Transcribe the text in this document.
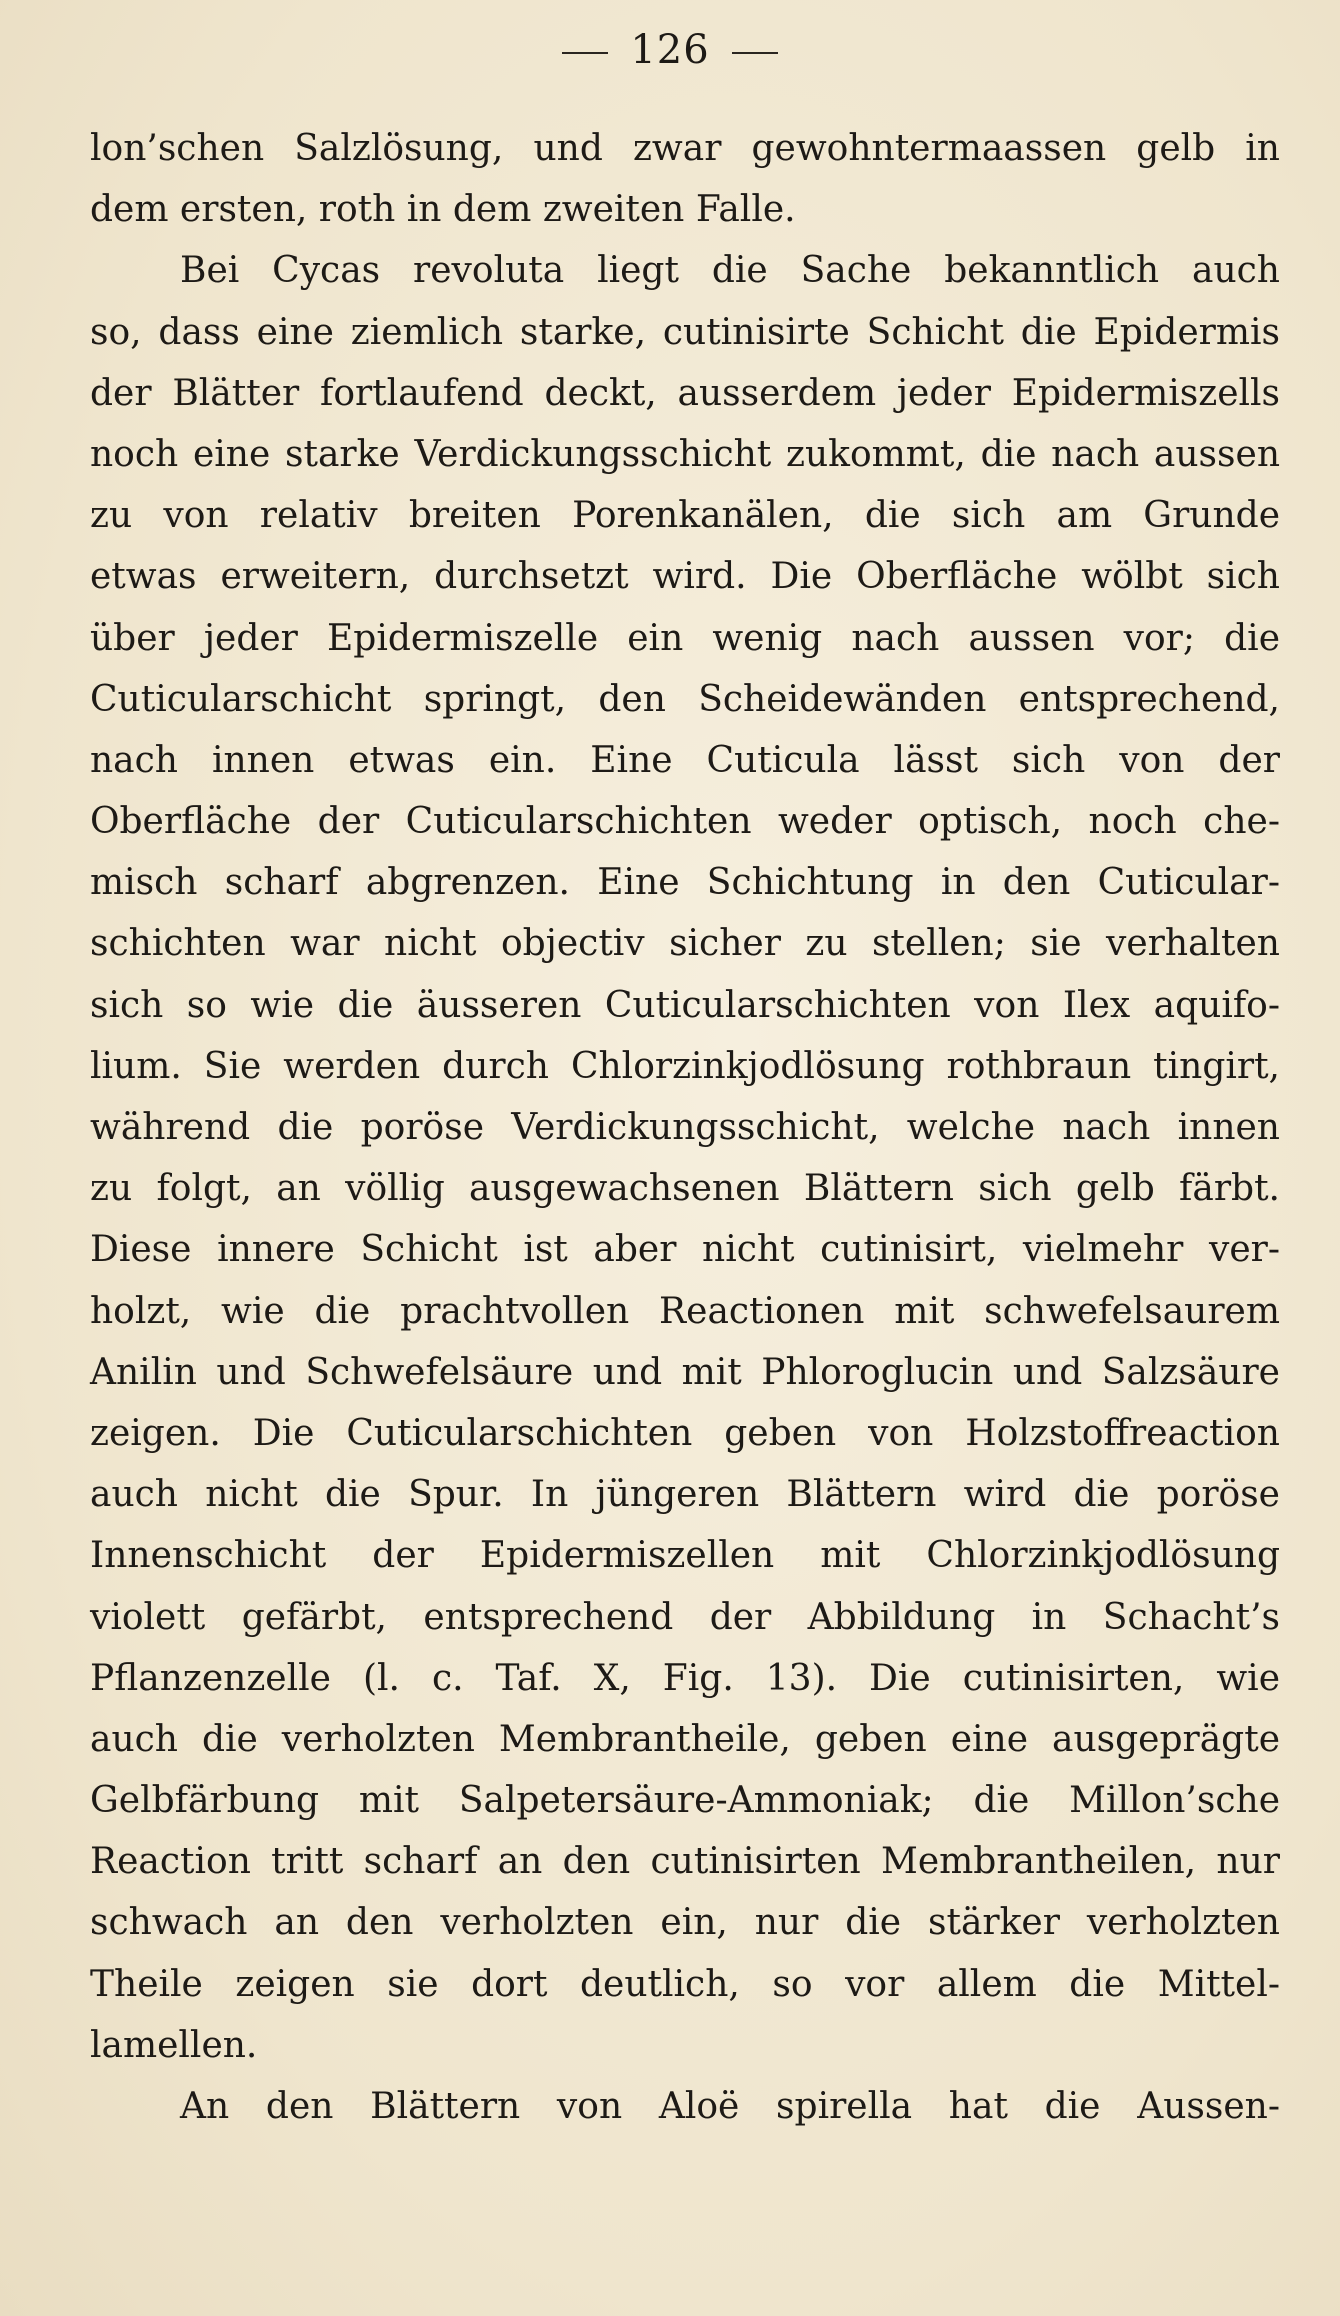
126
lon’schen Salzlösung, und zwar gewohntermaassen gelb in
dem ersten, roth in dem zweiten Falle.
Bei Cycas revoluta liegt die Sache bekanntlich auch
so, dass eine ziemlich starke, cutinisirte Schicht die Epidermis
der Blätter fortlaufend deckt, ausserdem jeder Epidermiszells
noch eine starke Verdickungsschicht zukommt, die nach aussen
zu von relativ breiten Porenkanälen, die sich am Grunde
etwas erweitern, durchsetzt wird. Die Oberfläche wölbt sich
über jeder Epidermiszelle ein wenig nach aussen vor; die
Cuticularschicht springt, den Scheidewänden entsprechend,
nach innen etwas ein. Eine Cuticula lässt sich von der
Oberfläche der Cuticularschichten weder optisch, noch che-
misch scharf abgrenzen. Eine Schichtung in den Cuticular-
schichten war nicht objectiv sicher zu stellen; sie verhalten
sich so wie die äusseren Cuticularschichten von Ilex aquifo-
lium. Sie werden durch Chlorzinkjodlösung rothbraun tingirt,
während die poröse Verdickungsschicht, welche nach innen
zu folgt, an völlig ausgewachsenen Blättern sich gelb färbt.
Diese innere Schicht ist aber nicht cutinisirt, vielmehr ver-
holzt, wie die prachtvollen Reactionen mit schwefelsaurem
Anilin und Schwefelsäure und mit Phloroglucin und Salzsäure
zeigen. Die Cuticularschichten geben von Holzstoffreaction
auch nicht die Spur. In jüngeren Blättern wird die poröse
Innenschicht der Epidermiszellen mit Chlorzinkjodlösung
violett gefärbt, entsprechend der Abbildung in Schacht’s
Pflanzenzelle (l. c. Taf. X, Fig. 13). Die cutinisirten, wie
auch die verholzten Membrantheile, geben eine ausgeprägte
Gelbfärbung mit Salpetersäure-Ammoniak; die Millon’sche
Reaction tritt scharf an den cutinisirten Membrantheilen, nur
schwach an den verholzten ein, nur die stärker verholzten
Theile zeigen sie dort deutlich, so vor allem die Mittel-
lamellen.
An den Blättern von Aloë spirella hat die Aussen-
